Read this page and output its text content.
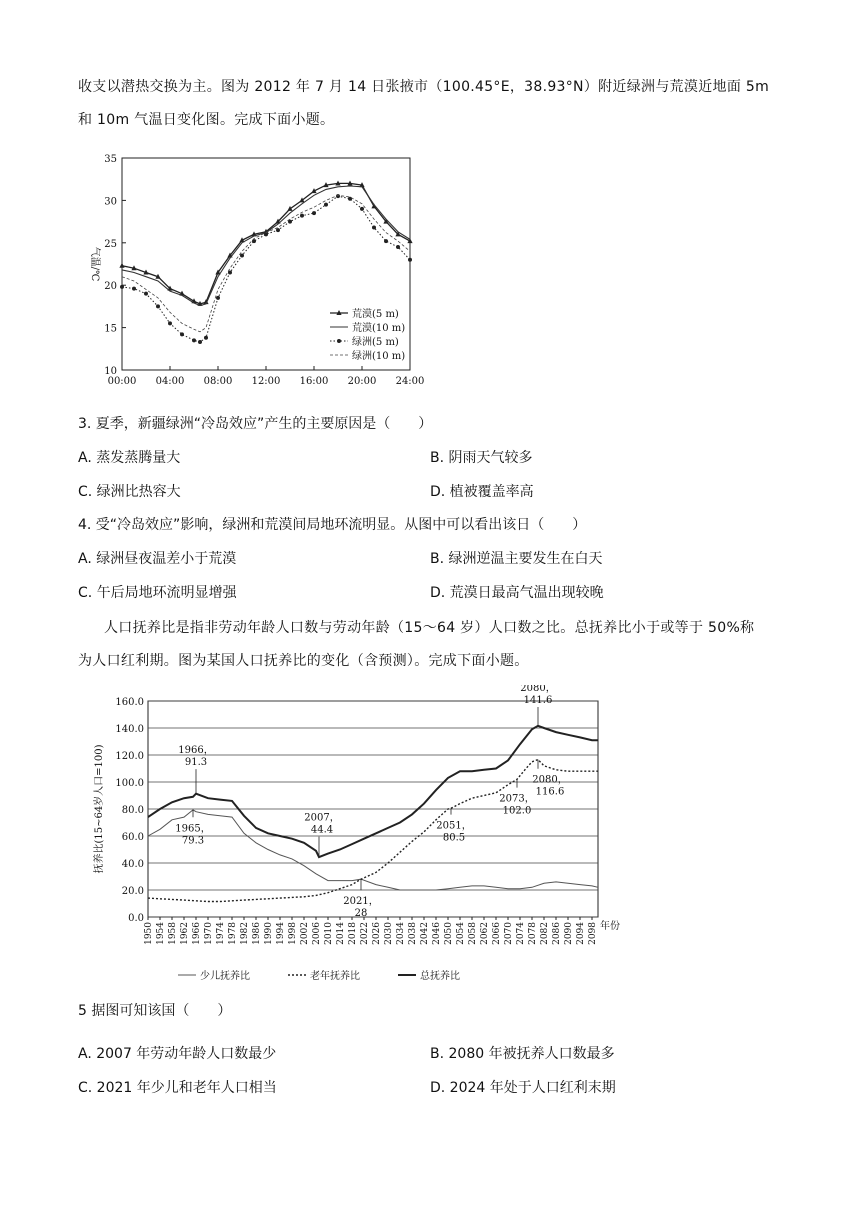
收支以潜热交换为主。图为 2012 年 7 月 14 日张掖市（100.45°E，38.93°N）附近绿洲与荒漠近地面 5m
和 10m 气温日变化图。完成下面小题。
10
15
20
25
30
35
00:00 04:00 08:00 12:00 16:00 20:00 24:00
气温/℃
荒漠(5 m)
荒漠(10 m)
绿洲(5 m)
绿洲(10 m)
3. 夏季，新疆绿洲“冷岛效应”产生的主要原因是（　　）
A. 蒸发蒸腾量大	B. 阴雨天气较多
C. 绿洲比热容大	D. 植被覆盖率高
4. 受“冷岛效应”影响，绿洲和荒漠间局地环流明显。从图中可以看出该日（　　）
A. 绿洲昼夜温差小于荒漠	B. 绿洲逆温主要发生在白天
C. 午后局地环流明显增强	D. 荒漠日最高气温出现较晚
人口抚养比是指非劳动年龄人口数与劳动年龄（15～64 岁）人口数之比。总抚养比小于或等于 50%称
为人口红利期。图为某国人口抚养比的变化（含预测）。完成下面小题。
0.0
20.0
40.0
60.0
80.0
100.0
120.0
140.0
160.0
1950 1954 1958 1962 1966 1970 1974 1978 1982 1986 1990 1994 1998 2002 2006 2010 2014 2018 2022 2026 2030 2034 2038 2042 2046 2050 2054 2058 2062 2066 2070 2074 2078 2082 2086 2090 2094 2098 年份
抚养比(15~64岁人口=100)	1966，
91.3
1965，
79.3
2007，
44.4
2021，
28
2051，
80.5
2073，
102.0
2080，
116.6
2080，
141.6
少儿抚养比	老年抚养比	总抚养比
5 据图可知该国（　　）
A. 2007 年劳动年龄人口数最少	B. 2080 年被抚养人口数最多
C. 2021 年少儿和老年人口相当	D. 2024 年处于人口红利末期
